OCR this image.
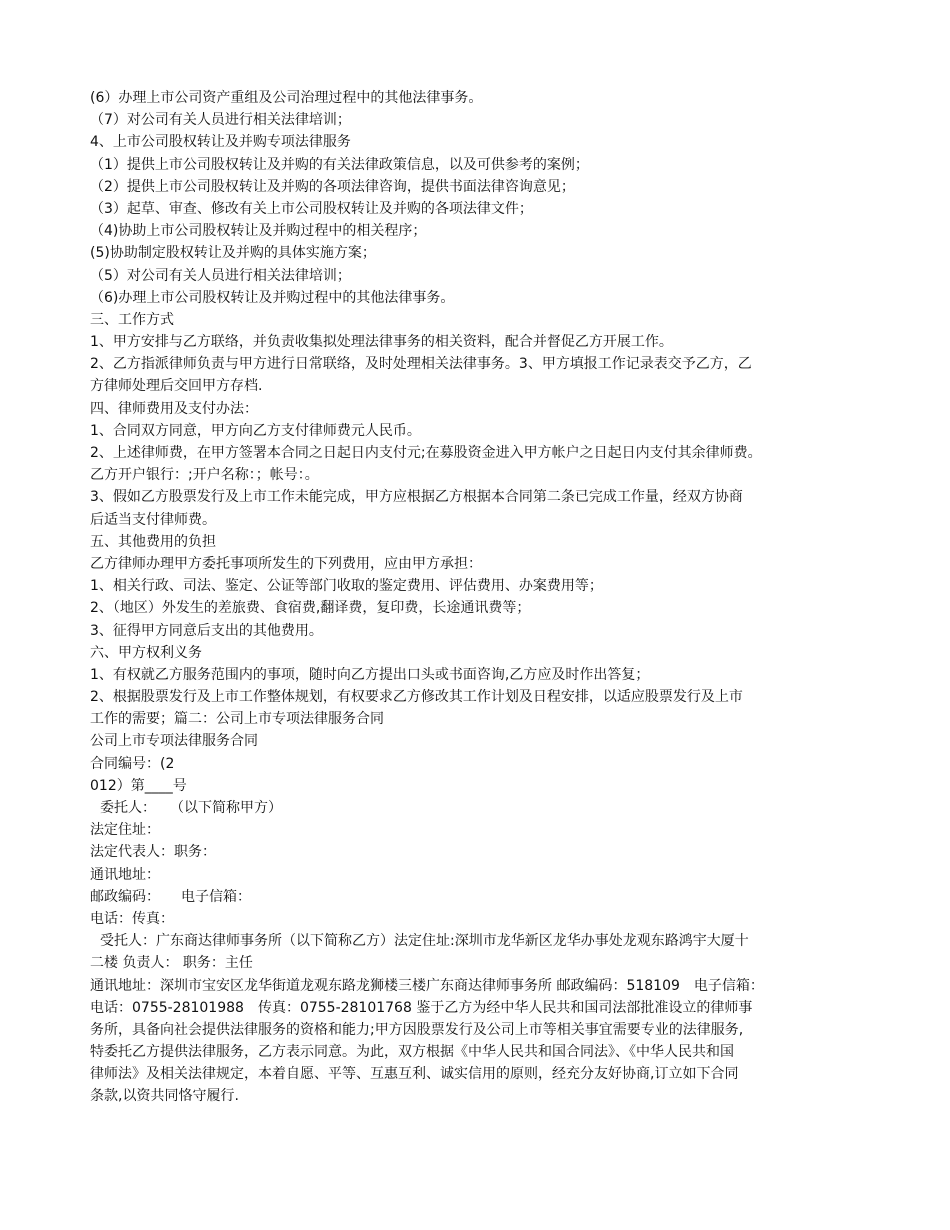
(6）办理上市公司资产重组及公司治理过程中的其他法律事务。
（7）对公司有关人员进行相关法律培训；
4、上市公司股权转让及并购专项法律服务
（1）提供上市公司股权转让及并购的有关法律政策信息，以及可供参考的案例；
（2）提供上市公司股权转让及并购的各项法律咨询，提供书面法律咨询意见；
（3）起草、审查、修改有关上市公司股权转让及并购的各项法律文件；
（4)协助上市公司股权转让及并购过程中的相关程序；
(5)协助制定股权转让及并购的具体实施方案；
（5）对公司有关人员进行相关法律培训；
（6)办理上市公司股权转让及并购过程中的其他法律事务。
三、工作方式
1、甲方安排与乙方联络，并负责收集拟处理法律事务的相关资料，配合并督促乙方开展工作。
2、乙方指派律师负责与甲方进行日常联络，及时处理相关法律事务。3、甲方填报工作记录表交予乙方，乙
方律师处理后交回甲方存档.
四、律师费用及支付办法：
1、合同双方同意，甲方向乙方支付律师费元人民币。
2、上述律师费，在甲方签署本合同之日起日内支付元;在募股资金进入甲方帐户之日起日内支付其余律师费。
乙方开户银行：;开户名称：；帐号：。
3、假如乙方股票发行及上市工作未能完成，甲方应根据乙方根据本合同第二条已完成工作量，经双方协商
后适当支付律师费。
五、其他费用的负担
乙方律师办理甲方委托事项所发生的下列费用，应由甲方承担：
1、相关行政、司法、鉴定、公证等部门收取的鉴定费用、评估费用、办案费用等；
2、（地区）外发生的差旅费、食宿费,翻译费，复印费，长途通讯费等；
3、征得甲方同意后支出的其他费用。
六、甲方权利义务
1、有权就乙方服务范围内的事项，随时向乙方提出口头或书面咨询,乙方应及时作出答复；
2、根据股票发行及上市工作整体规划，有权要求乙方修改其工作计划及日程安排，以适应股票发行及上市
工作的需要；篇二：公司上市专项法律服务合同
公司上市专项法律服务合同
合同编号：(2
012）第____号
委托人：　　（以下简称甲方）
法定住址：
法定代表人：职务：
通讯地址：
邮政编码：　　电子信箱：
电话：传真：
受托人：广东商达律师事务所（以下简称乙方）法定住址:深圳市龙华新区龙华办事处龙观东路鸿宇大厦十
二楼 负责人： 职务：主任
通讯地址：深圳市宝安区龙华街道龙观东路龙狮楼三楼广东商达律师事务所 邮政编码：518109　电子信箱：
电话：0755-28101988　传真：0755-28101768 鉴于乙方为经中华人民共和国司法部批准设立的律师事
务所，具备向社会提供法律服务的资格和能力;甲方因股票发行及公司上市等相关事宜需要专业的法律服务,
特委托乙方提供法律服务，乙方表示同意。为此，双方根据《中华人民共和国合同法》、《中华人民共和国
律师法》及相关法律规定，本着自愿、平等、互惠互利、诚实信用的原则，经充分友好协商,订立如下合同
条款,以资共同恪守履行.
